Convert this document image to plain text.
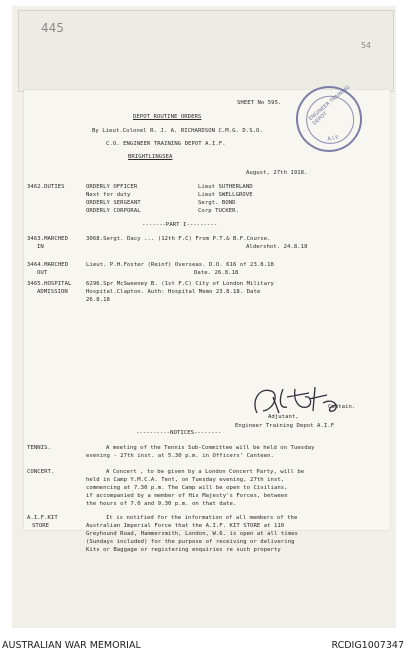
445
54
SHEET No 595.
DEPOT ROUTINE ORDERS
By Lieut.Colonel R. J. A. RICHARDSON C.M.G. D.S.O.
C.O. ENGINEER TRAINING DEPOT A.I.F.
BRIGHTLINGSEA
August, 27th 1918.
3462.DUTIES	ORDERLY OFFICER	Lieut SUTHERLAND
Next for duty	Lieut SWELLGROVE
ORDERLY SERGEANT	Sergt. BOND
ORDERLY CORPORAL	Corp TUCKER.
-------PART I---------
3463.MARCHED
IN
3068.Sergt. Dacy ... (12th F.C) From P.T.& B.F.Course.
Aldershot. 24.8.18
3464.MARCHED
OUT
Lieut. P.H.Foster (Reinf) Overseas. D.O. 616 of 23.8.18
Date. 26.8.18
3465.HOSPITAL
ADMISSION
6296.Spr McSweeney B. (1st F.C) City of London Military
Hospital.Clapton. Auth: Hospital Memo 23.8.18. Date
26.8.18
Captain.
Adjutant,
Engineer Training Depot A.I.F
----------NOTICES--------
TENNIS.	A meeting of the Tennis Sub-Committee will be held on Tuesday
evening - 27th inst. at 5.30 p.m. in Officers' Canteen.
CONCERT.	A Concert , to be given by a London Concert Party, will be
held in Camp Y.M.C.A. Tent, on Tuesday evening, 27th inst,
commencing at 7.30 p.m. The Camp will be open to Civilians,
if accompanied by a member of His Majesty's Forces, between
the hours of 7.0 and 9.30 p.m. on that date.
A.I.F.KIT
STORE
It is notified for the information of all members of the
Australian Imperial Force that the A.I.F. KIT STORE at 110
Greyhound Road, Hammersmith, London, W.6. is open at all times
(Sundays included) for the purpose of receiving or delivering
Kits or Baggage or registering enquiries re such property
ENGINEER TRAINING DEPOT
A.I.F.
AUSTRALIAN WAR MEMORIAL	RCDIG1007347
